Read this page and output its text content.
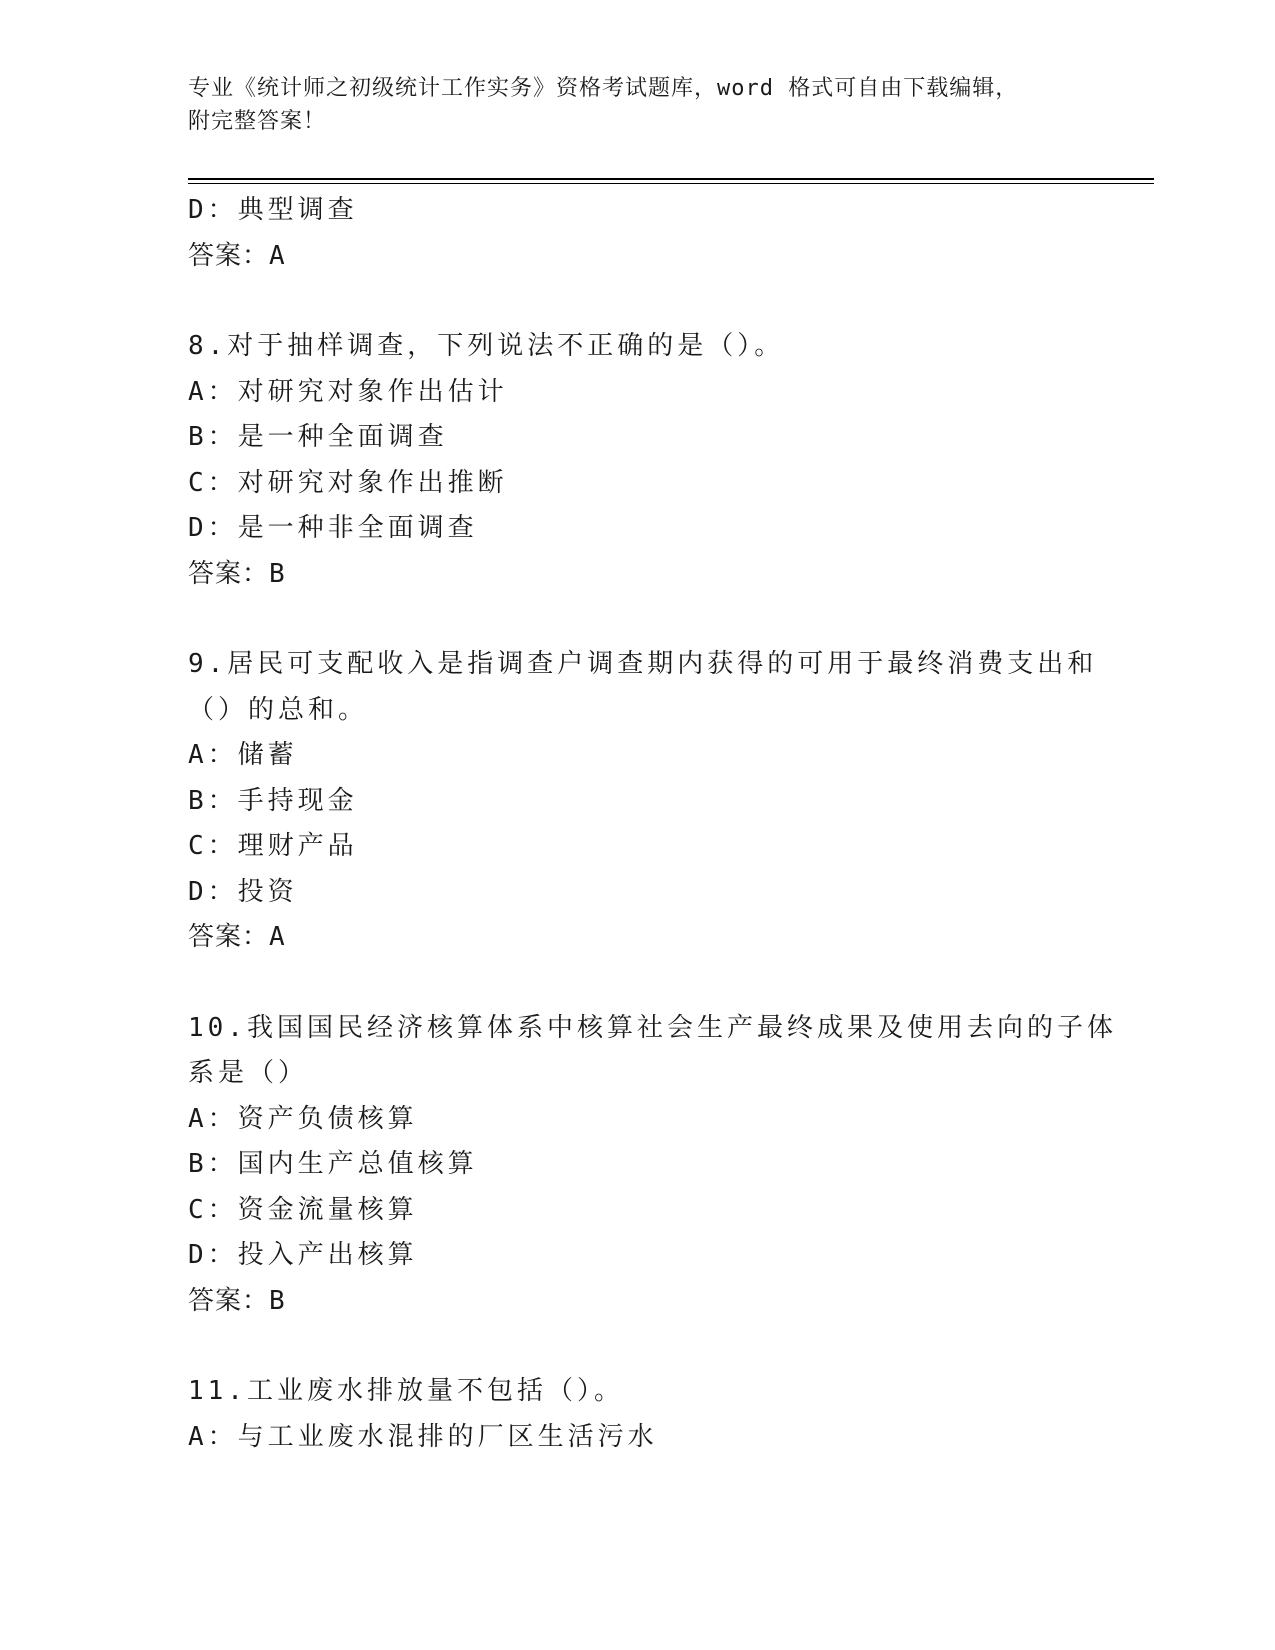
专业《统计师之初级统计工作实务》资格考试题库，word 格式可自由下载编辑，
附完整答案！
D：典型调查
答案：A
8.对于抽样调查，下列说法不正确的是（）。
A：对研究对象作出估计
B：是一种全面调查
C：对研究对象作出推断
D：是一种非全面调查
答案：B
9.居民可支配收入是指调查户调查期内获得的可用于最终消费支出和
（）的总和。
A：储蓄
B：手持现金
C：理财产品
D：投资
答案：A
10.我国国民经济核算体系中核算社会生产最终成果及使用去向的子体
系是（）
A：资产负债核算
B：国内生产总值核算
C：资金流量核算
D：投入产出核算
答案：B
11.工业废水排放量不包括（）。
A：与工业废水混排的厂区生活污水
